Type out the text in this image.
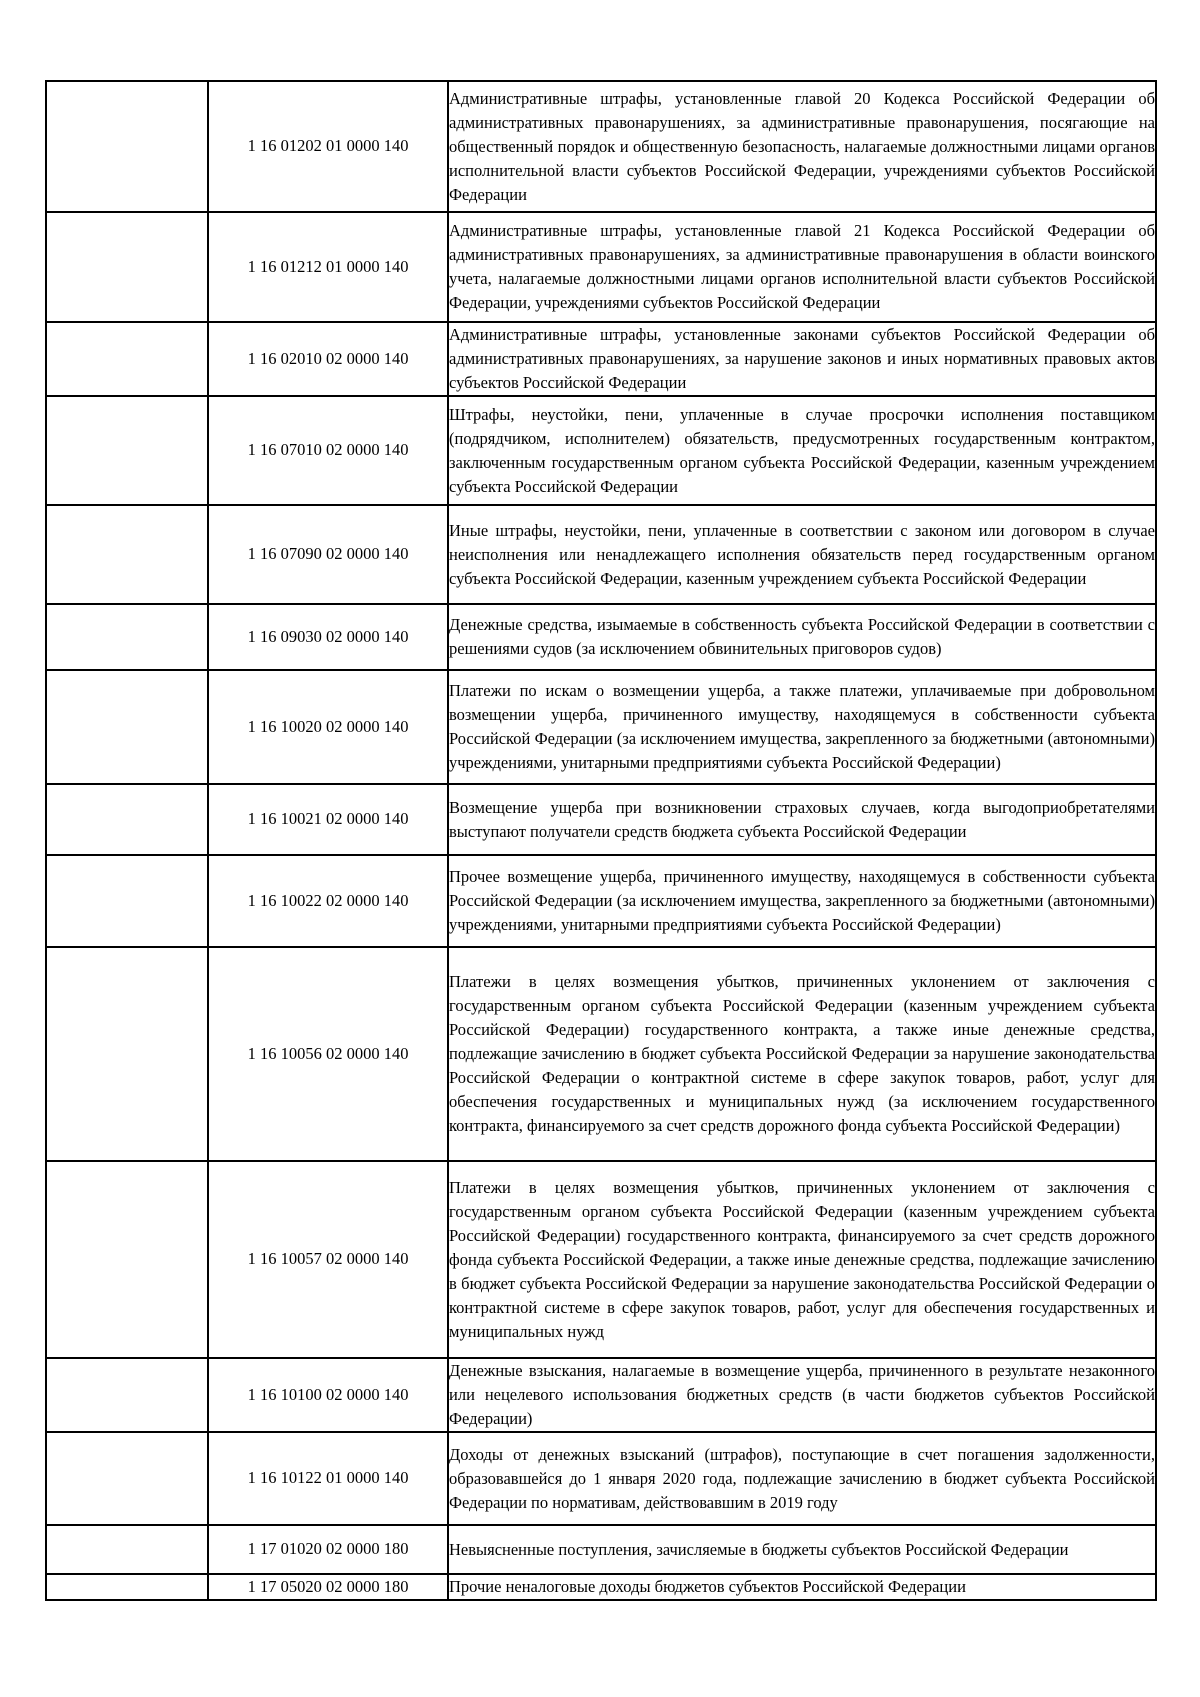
	1 16 01202 01 0000 140	Административные штрафы, установленные главой 20 Кодекса Российской Федерации об административных правонарушениях, за административные правонарушения, посягающие на общественный порядок и общественную безопасность, налагаемые должностными лицами органов исполнительной власти субъектов Российской Федерации, учреждениями субъектов Российской Федерации
	1 16 01212 01 0000 140	Административные штрафы, установленные главой 21 Кодекса Российской Федерации об административных правонарушениях, за административные правонарушения в области воинского учета, налагаемые должностными лицами органов исполнительной власти субъектов Российской Федерации, учреждениями субъектов Российской Федерации
	1 16 02010 02 0000 140	Административные штрафы, установленные законами субъектов Российской Федерации об административных правонарушениях, за нарушение законов и иных нормативных правовых актов субъектов Российской Федерации
	1 16 07010 02 0000 140	Штрафы, неустойки, пени, уплаченные в случае просрочки исполнения поставщиком (подрядчиком, исполнителем) обязательств, предусмотренных государственным контрактом, заключенным государственным органом субъекта Российской Федерации, казенным учреждением субъекта Российской Федерации
	1 16 07090 02 0000 140	Иные штрафы, неустойки, пени, уплаченные в соответствии с законом или договором в случае неисполнения или ненадлежащего исполнения обязательств перед государственным органом субъекта Российской Федерации, казенным учреждением субъекта Российской Федерации
	1 16 09030 02 0000 140	Денежные средства, изымаемые в собственность субъекта Российской Федерации в соответствии с решениями судов (за исключением обвинительных приговоров судов)
	1 16 10020 02 0000 140	Платежи по искам о возмещении ущерба, а также платежи, уплачиваемые при добровольном возмещении ущерба, причиненного имуществу, находящемуся в собственности субъекта Российской Федерации (за исключением имущества, закрепленного за бюджетными (автономными) учреждениями, унитарными предприятиями субъекта Российской Федерации)
	1 16 10021 02 0000 140	Возмещение ущерба при возникновении страховых случаев, когда выгодоприобретателями выступают получатели средств бюджета субъекта Российской Федерации
	1 16 10022 02 0000 140	Прочее возмещение ущерба, причиненного имуществу, находящемуся в собственности субъекта Российской Федерации (за исключением имущества, закрепленного за бюджетными (автономными) учреждениями, унитарными предприятиями субъекта Российской Федерации)
	1 16 10056 02 0000 140	Платежи в целях возмещения убытков, причиненных уклонением от заключения с государственным органом субъекта Российской Федерации (казенным учреждением субъекта Российской Федерации) государственного контракта, а также иные денежные средства, подлежащие зачислению в бюджет субъекта Российской Федерации за нарушение законодательства Российской Федерации о контрактной системе в сфере закупок товаров, работ, услуг для обеспечения государственных и муниципальных нужд (за исключением государственного контракта, финансируемого за счет средств дорожного фонда субъекта Российской Федерации)
	1 16 10057 02 0000 140	Платежи в целях возмещения убытков, причиненных уклонением от заключения с государственным органом субъекта Российской Федерации (казенным учреждением субъекта Российской Федерации) государственного контракта, финансируемого за счет средств дорожного фонда субъекта Российской Федерации, а также иные денежные средства, подлежащие зачислению в бюджет субъекта Российской Федерации за нарушение законодательства Российской Федерации о контрактной системе в сфере закупок товаров, работ, услуг для обеспечения государственных и муниципальных нужд
	1 16 10100 02 0000 140	Денежные взыскания, налагаемые в возмещение ущерба, причиненного в результате незаконного или нецелевого использования бюджетных средств (в части бюджетов субъектов Российской Федерации)
	1 16 10122 01 0000 140	Доходы от денежных взысканий (штрафов), поступающие в счет погашения задолженности, образовавшейся до 1 января 2020 года, подлежащие зачислению в бюджет субъекта Российской Федерации по нормативам, действовавшим в 2019 году
	1 17 01020 02 0000 180	Невыясненные поступления, зачисляемые в бюджеты субъектов Российской Федерации
	1 17 05020 02 0000 180	Прочие неналоговые доходы бюджетов субъектов Российской Федерации
